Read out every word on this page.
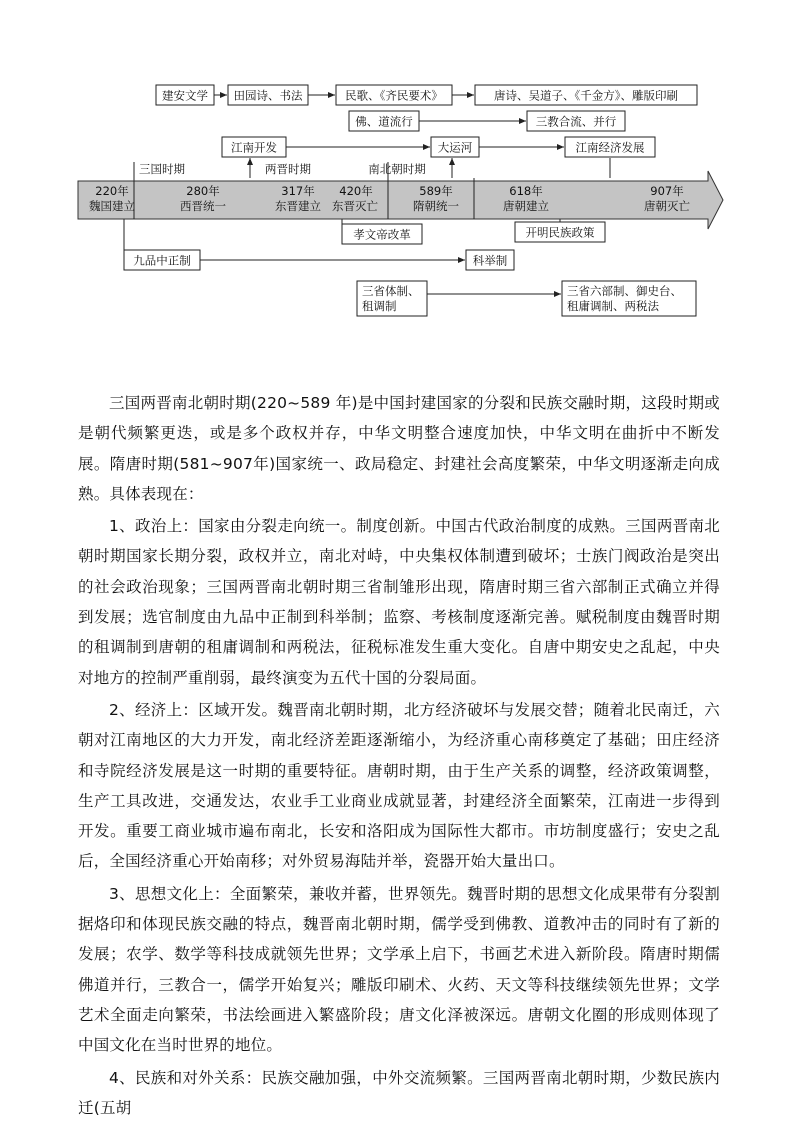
建安文学 田园诗、书法	民歌、《齐民要术》	唐诗、吴道子、《千金方》、雕版印刷
佛、道流行	三教合流、并行
江南开发	大运河	江南经济发展
三国时期	两晋时期	南北朝时期
220年
魏国建立
280年
西晋统一
317年
东晋建立
420年
东晋灭亡
589年
隋朝统一
618年
唐朝建立
907年
唐朝灭亡
孝文帝改革	开明民族政策
九品中正制	科举制
三省体制、
租调制
三省六部制、御史台、
租庸调制、两税法

三国两晋南北朝时期(220~589 年)是中国封建国家的分裂和民族交融时期，这段时期或是朝代频繁更迭，或是多个政权并存，中华文明整合速度加快，中华文明在曲折中不断发展。隋唐时期(581~907年)国家统一、政局稳定、封建社会高度繁荣，中华文明逐渐走向成熟。具体表现在：

1、政治上：国家由分裂走向统一。制度创新。中国古代政治制度的成熟。三国两晋南北朝时期国家长期分裂，政权并立，南北对峙，中央集权体制遭到破坏；士族门阀政治是突出的社会政治现象；三国两晋南北朝时期三省制雏形出现，隋唐时期三省六部制正式确立并得到发展；选官制度由九品中正制到科举制；监察、考核制度逐渐完善。赋税制度由魏晋时期的租调制到唐朝的租庸调制和两税法，征税标准发生重大变化。自唐中期安史之乱起，中央对地方的控制严重削弱，最终演变为五代十国的分裂局面。

2、经济上：区域开发。魏晋南北朝时期，北方经济破坏与发展交替；随着北民南迁，六朝对江南地区的大力开发，南北经济差距逐渐缩小，为经济重心南移奠定了基础；田庄经济和寺院经济发展是这一时期的重要特征。唐朝时期，由于生产关系的调整，经济政策调整，生产工具改进，交通发达，农业手工业商业成就显著，封建经济全面繁荣，江南进一步得到开发。重要工商业城市遍布南北，长安和洛阳成为国际性大都市。市坊制度盛行；安史之乱后，全国经济重心开始南移；对外贸易海陆并举，瓷器开始大量出口。

3、思想文化上：全面繁荣，兼收并蓄，世界领先。魏晋时期的思想文化成果带有分裂割据烙印和体现民族交融的特点，魏晋南北朝时期，儒学受到佛教、道教冲击的同时有了新的发展；农学、数学等科技成就领先世界；文学承上启下，书画艺术进入新阶段。隋唐时期儒佛道并行，三教合一，儒学开始复兴；雕版印刷术、火药、天文等科技继续领先世界；文学艺术全面走向繁荣，书法绘画进入繁盛阶段；唐文化泽被深远。唐朝文化圈的形成则体现了中国文化在当时世界的地位。

4、民族和对外关系：民族交融加强，中外交流频繁。三国两晋南北朝时期，少数民族内迁(五胡
